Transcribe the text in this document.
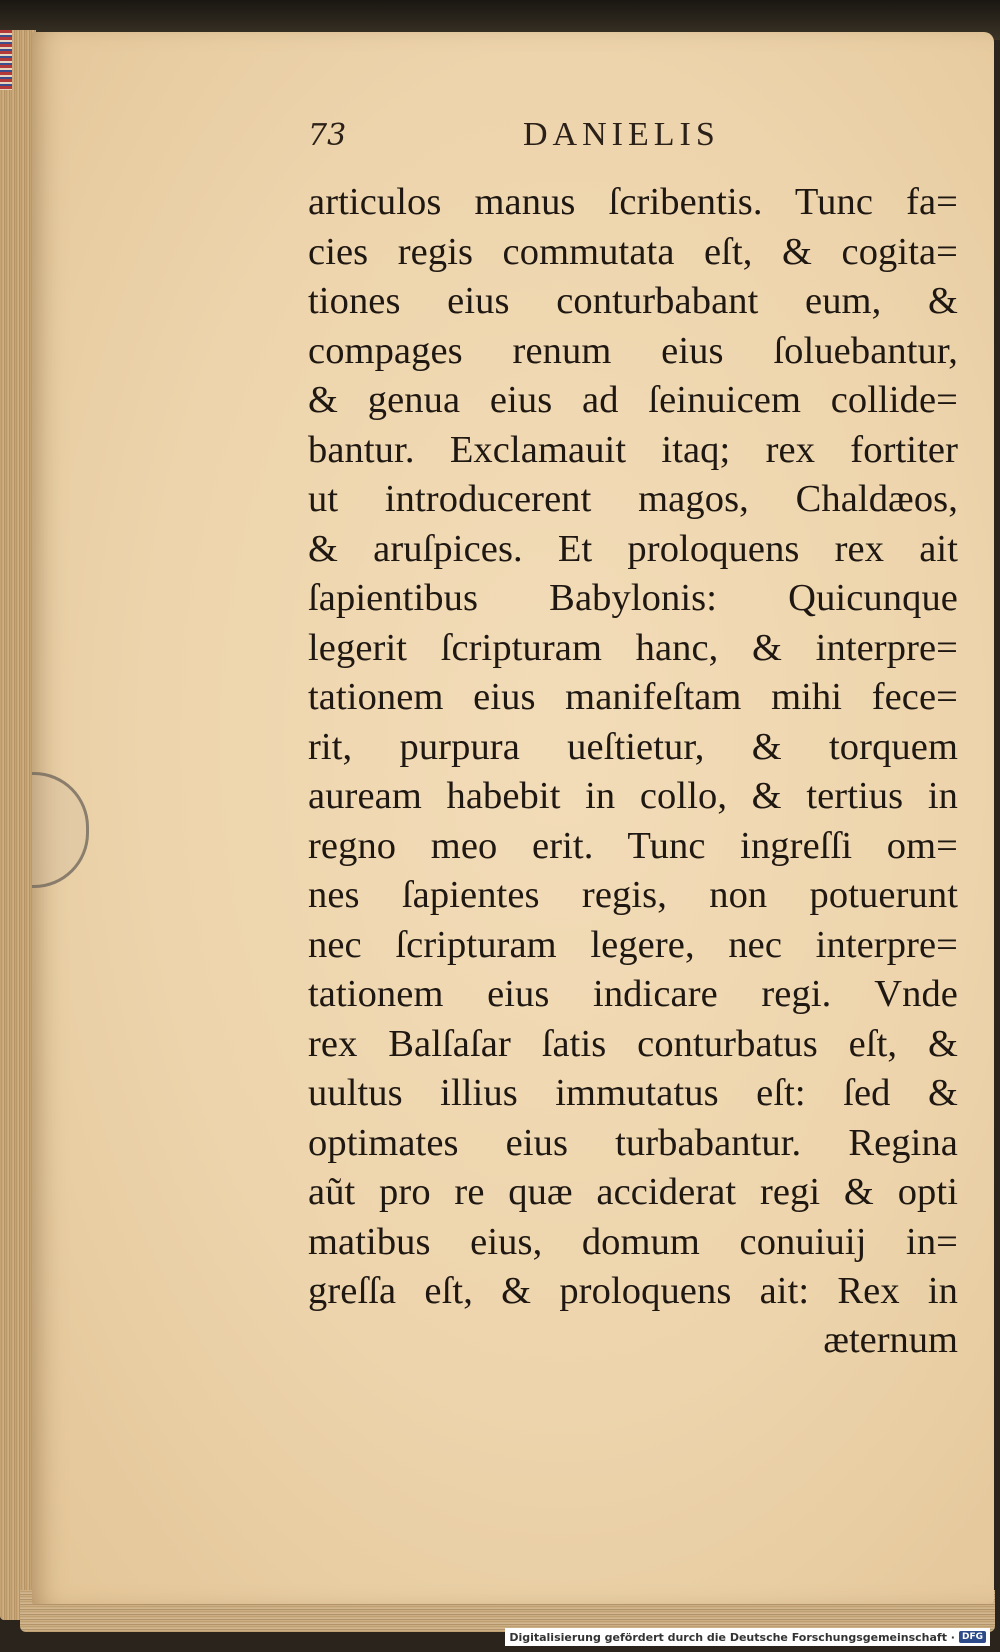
73	DANIELIS
articulos manus ſcribentis. Tunc fa=
cies regis commutata eſt, & cogita=
tiones eius conturbabant eum, &
compages renum eius ſoluebantur,
& genua eius ad ſeinuicem collide=
bantur. Exclamauit itaq; rex fortiter
ut introducerent magos, Chaldæos,
& aruſpices. Et proloquens rex ait
ſapientibus Babylonis: Quicunque
legerit ſcripturam hanc, & interpre=
tationem eius manifeſtam mihi fece=
rit, purpura ueſtietur, & torquem
auream habebit in collo, & tertius in
regno meo erit. Tunc ingreſſi om=
nes ſapientes regis, non potuerunt
nec ſcripturam legere, nec interpre=
tationem eius indicare regi. Vnde
rex Balſaſar ſatis conturbatus eſt, &
uultus illius immutatus eſt: ſed &
optimates eius turbabantur. Regina
aũt pro re quæ acciderat regi & opti
matibus eius, domum conuiuij in=
greſſa eſt, & proloquens ait: Rex in
æternum
Digitalisierung gefördert durch die Deutsche Forschungsgemeinschaft · DFG
